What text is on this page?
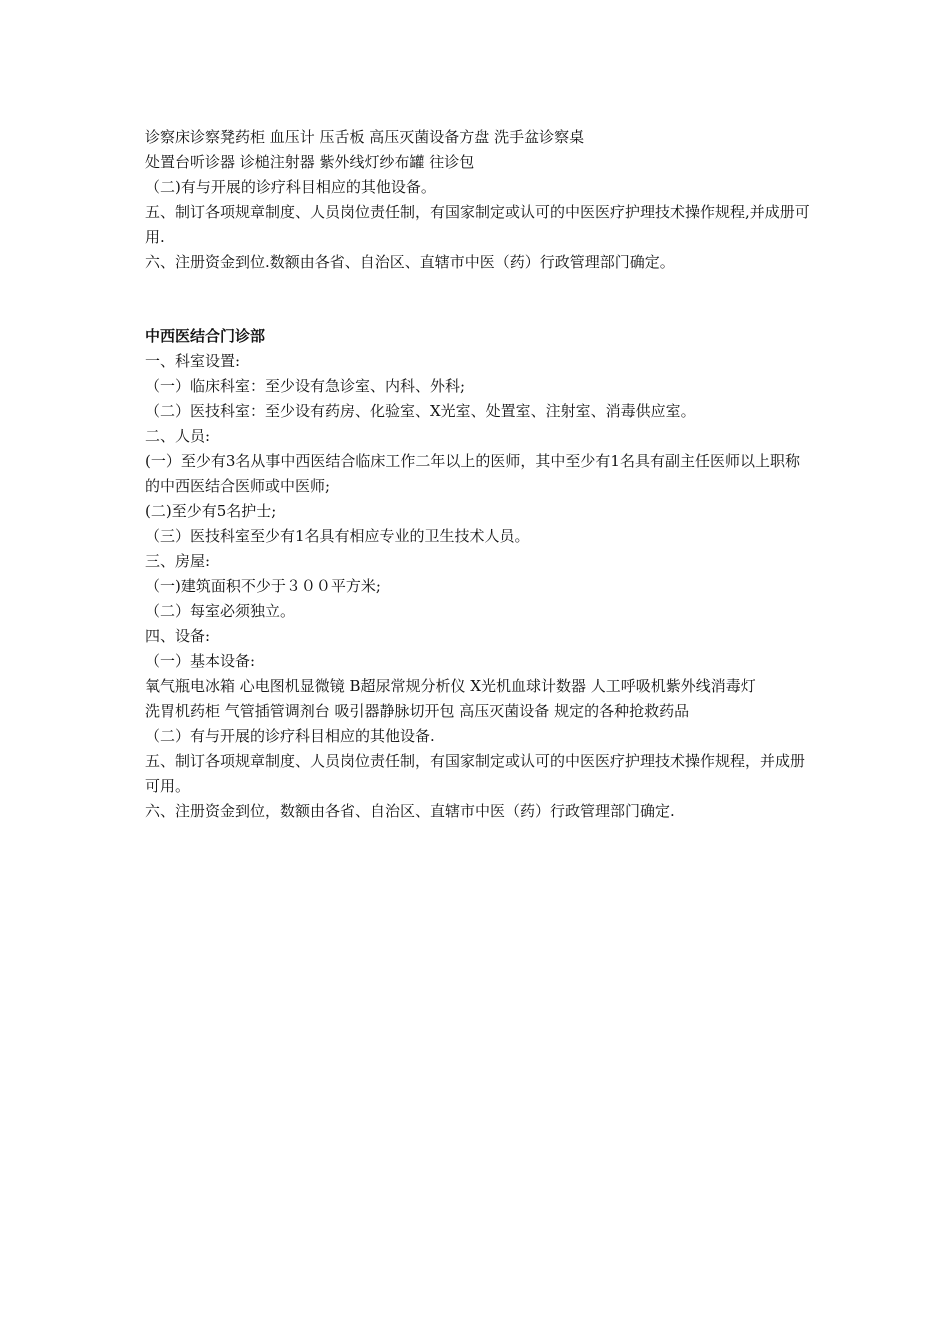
诊察床诊察凳药柜 血压计 压舌板 高压灭菌设备方盘 洗手盆诊察桌
处置台听诊器 诊槌注射器 紫外线灯纱布罐 往诊包
（二)有与开展的诊疗科目相应的其他设备。
五、制订各项规章制度、人员岗位责任制，有国家制定或认可的中医医疗护理技术操作规程,并成册可用.
六、注册资金到位.数额由各省、自治区、直辖市中医（药）行政管理部门确定。
中西医结合门诊部
一、科室设置:
（一）临床科室：至少设有急诊室、内科、外科;
（二）医技科室：至少设有药房、化验室、X光室、处置室、注射室、消毒供应室。
二、人员:
(一）至少有3名从事中西医结合临床工作二年以上的医师，其中至少有1名具有副主任医师以上职称的中西医结合医师或中医师;
(二)至少有5名护士;
（三）医技科室至少有1名具有相应专业的卫生技术人员。
三、房屋:
（一)建筑面积不少于３００平方米;
（二）每室必须独立。
四、设备:
（一）基本设备:
氧气瓶电冰箱 心电图机显微镜 B超尿常规分析仪 X光机血球计数器 人工呼吸机紫外线消毒灯
洗胃机药柜 气管插管调剂台 吸引器静脉切开包 高压灭菌设备 规定的各种抢救药品
（二）有与开展的诊疗科目相应的其他设备.
五、制订各项规章制度、人员岗位责任制，有国家制定或认可的中医医疗护理技术操作规程，并成册可用。
六、注册资金到位，数额由各省、自治区、直辖市中医（药）行政管理部门确定.
